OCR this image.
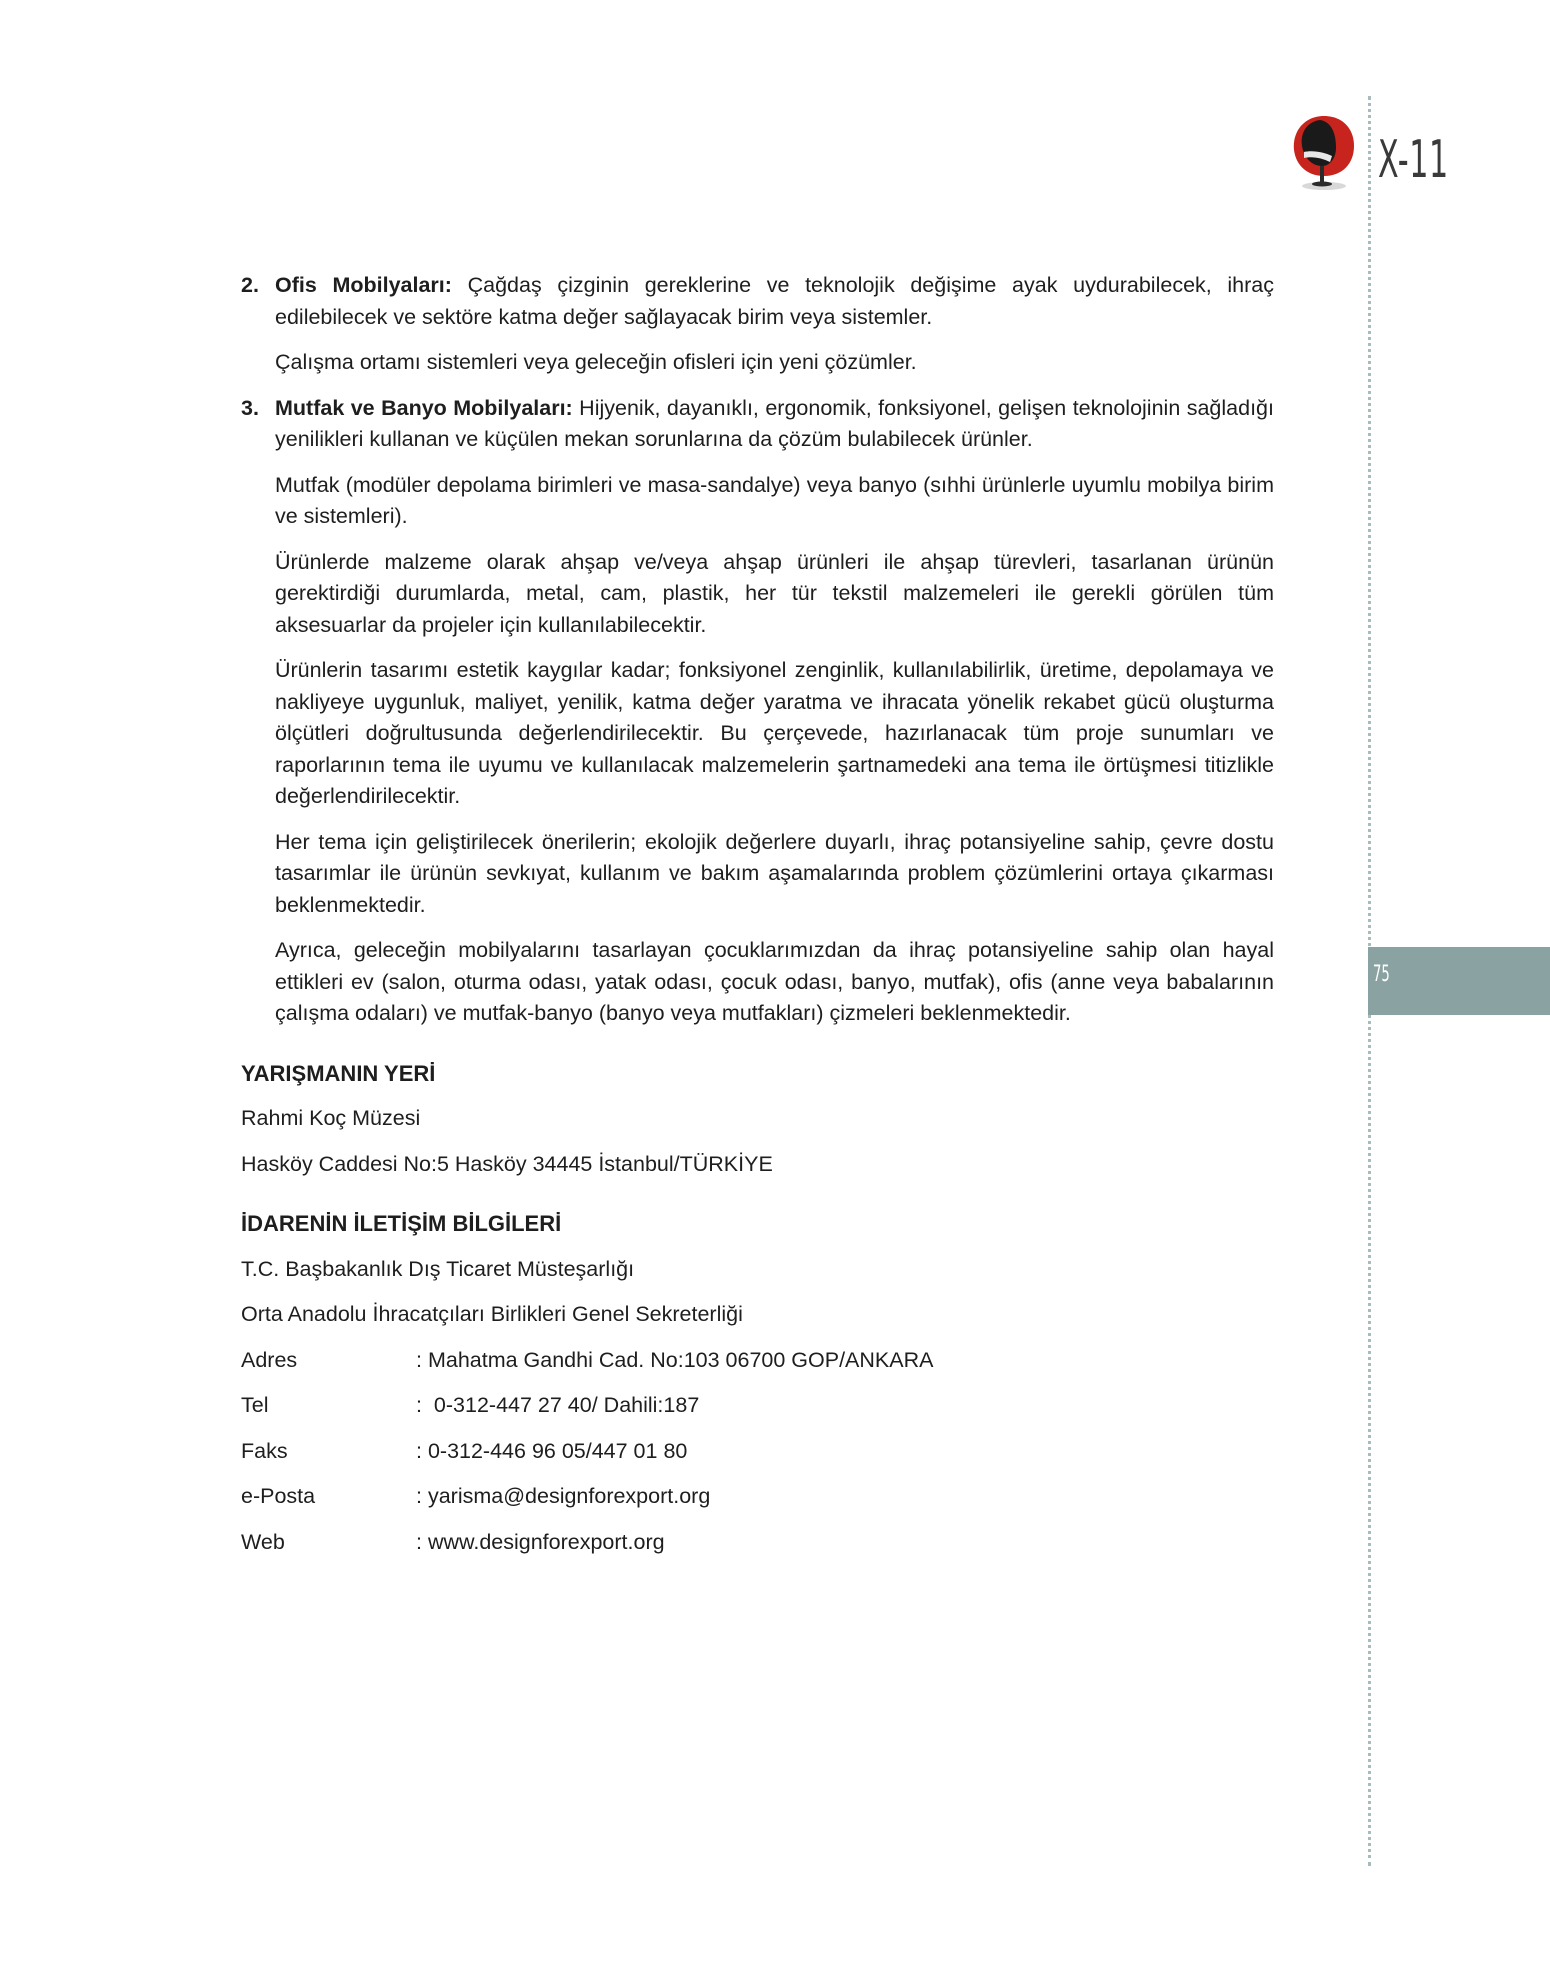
X-11
75
2. Ofis Mobilyaları: Çağdaş çizginin gereklerine ve teknolojik değişime ayak uydurabilecek, ihraç edilebilecek ve sektöre katma değer sağlayacak birim veya sistemler.

Çalışma ortamı sistemleri veya geleceğin ofisleri için yeni çözümler.

3. Mutfak ve Banyo Mobilyaları: Hijyenik, dayanıklı, ergonomik, fonksiyonel, gelişen teknolojinin sağladığı yenilikleri kullanan ve küçülen mekan sorunlarına da çözüm bulabilecek ürünler.

Mutfak (modüler depolama birimleri ve masa-sandalye) veya banyo (sıhhi ürünlerle uyumlu mobilya birim ve sistemleri).

Ürünlerde malzeme olarak ahşap ve/veya ahşap ürünleri ile ahşap türevleri, tasarlanan ürünün gerektirdiği durumlarda, metal, cam, plastik, her tür tekstil malzemeleri ile gerekli görülen tüm aksesuarlar da projeler için kullanılabilecektir.

Ürünlerin tasarımı estetik kaygılar kadar; fonksiyonel zenginlik, kullanılabilirlik, üretime, depolamaya ve nakliyeye uygunluk, maliyet, yenilik, katma değer yaratma ve ihracata yönelik rekabet gücü oluşturma ölçütleri doğrultusunda değerlendirilecektir. Bu çerçevede, hazırlanacak tüm proje sunumları ve raporlarının tema ile uyumu ve kullanılacak malzemelerin şartnamedeki ana tema ile örtüşmesi titizlikle değerlendirilecektir.

Her tema için geliştirilecek önerilerin; ekolojik değerlere duyarlı, ihraç potansiyeline sahip, çevre dostu tasarımlar ile ürünün sevkıyat, kullanım ve bakım aşamalarında problem çözümlerini ortaya çıkarması beklenmektedir.

Ayrıca, geleceğin mobilyalarını tasarlayan çocuklarımızdan da ihraç potansiyeline sahip olan hayal ettikleri ev (salon, oturma odası, yatak odası, çocuk odası, banyo, mutfak), ofis (anne veya babalarının çalışma odaları) ve mutfak-banyo (banyo veya mutfakları) çizmeleri beklenmektedir.

YARIŞMANIN YERİ
Rahmi Koç Müzesi
Hasköy Caddesi No:5 Hasköy 34445 İstanbul/TÜRKİYE
İDARENİN İLETİŞİM BİLGİLERİ
T.C. Başbakanlık Dış Ticaret Müsteşarlığı
Orta Anadolu İhracatçıları Birlikleri Genel Sekreterliği
Adres	: Mahatma Gandhi Cad. No:103 06700 GOP/ANKARA
Tel	:  0-312-447 27 40/ Dahili:187
Faks	: 0-312-446 96 05/447 01 80
e-Posta	: yarisma@designforexport.org
Web	: www.designforexport.org
